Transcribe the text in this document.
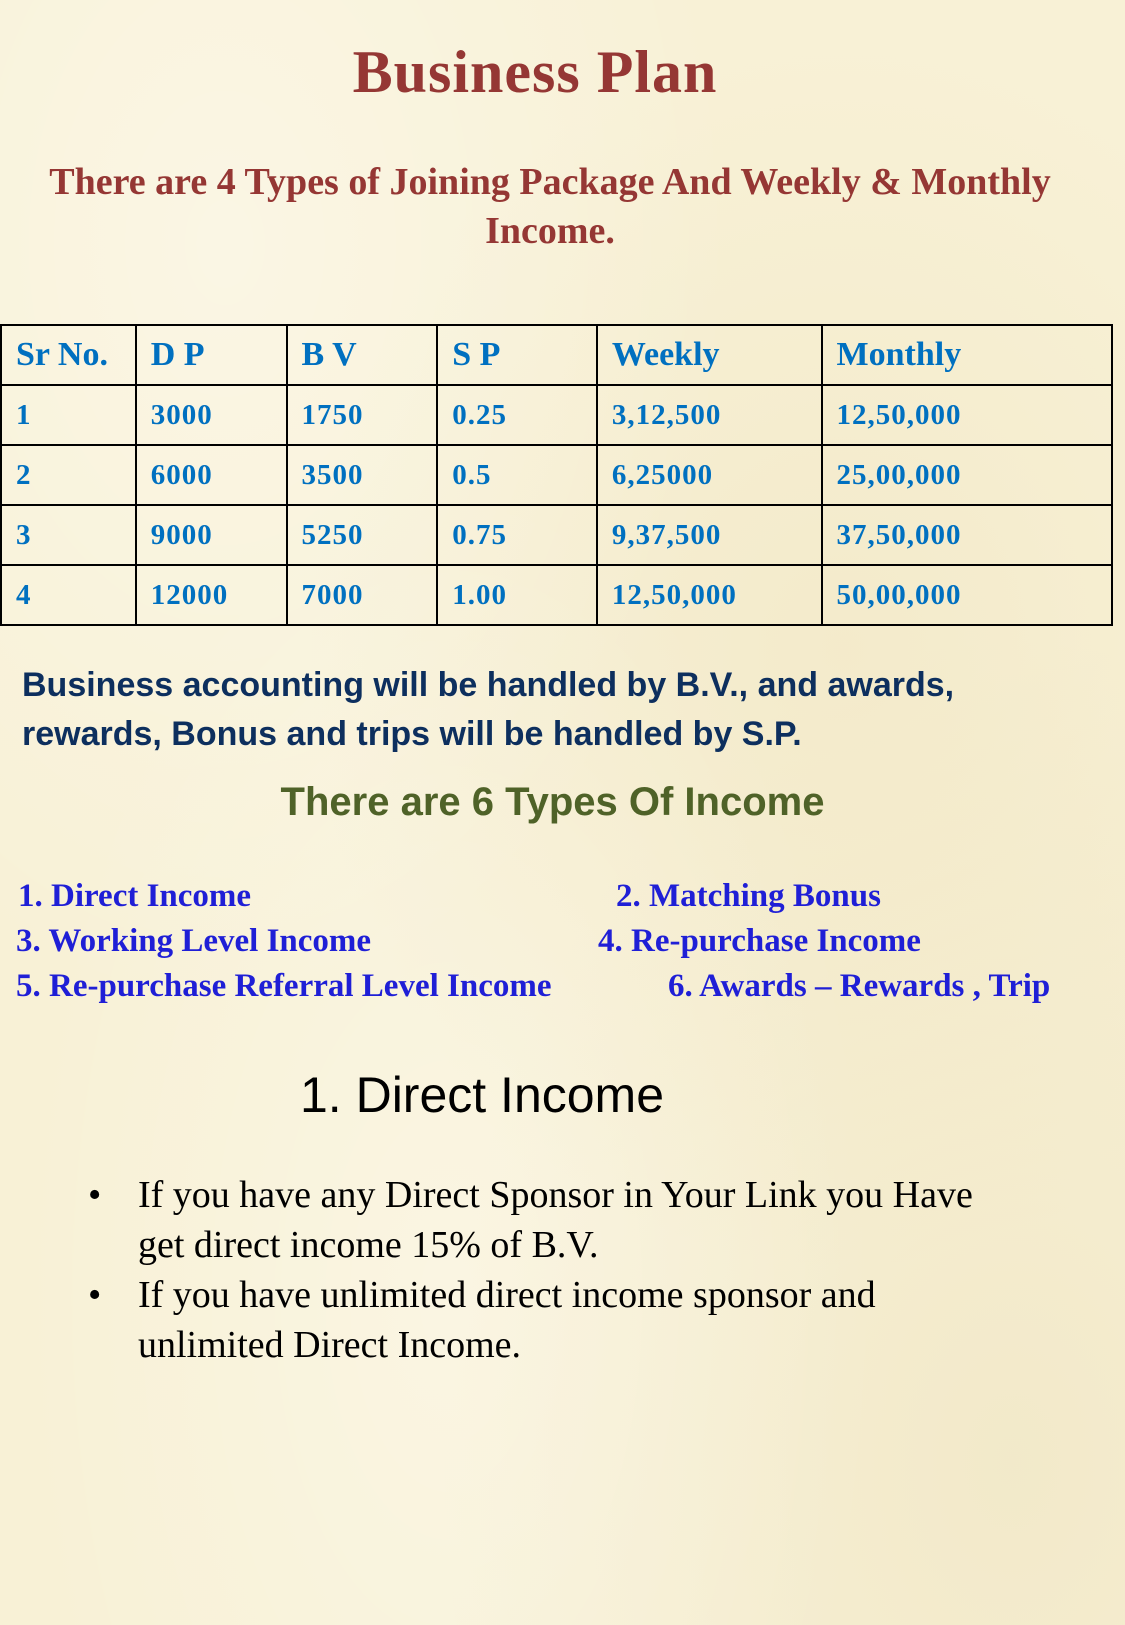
Business Plan
There are 4 Types of Joining Package And Weekly & Monthly Income.
Sr No.	D P	B V	S P	Weekly	Monthly
1	3000	1750	0.25	3,12,500	12,50,000
2	6000	3500	0.5	6,25000	25,00,000
3	9000	5250	0.75	9,37,500	37,50,000
4	12000	7000	1.00	12,50,000	50,00,000
Business accounting will be handled by B.V., and awards, rewards, Bonus and trips will be handled by S.P.
There are 6 Types Of Income
1. Direct Income	2. Matching Bonus
3. Working Level Income	4. Re-purchase Income
5. Re-purchase Referral Level Income	6. Awards – Rewards , Trip
1. Direct Income
• If you have any Direct Sponsor in Your Link you Have get direct income 15% of B.V.
• If you have unlimited direct income sponsor and unlimited Direct Income.
